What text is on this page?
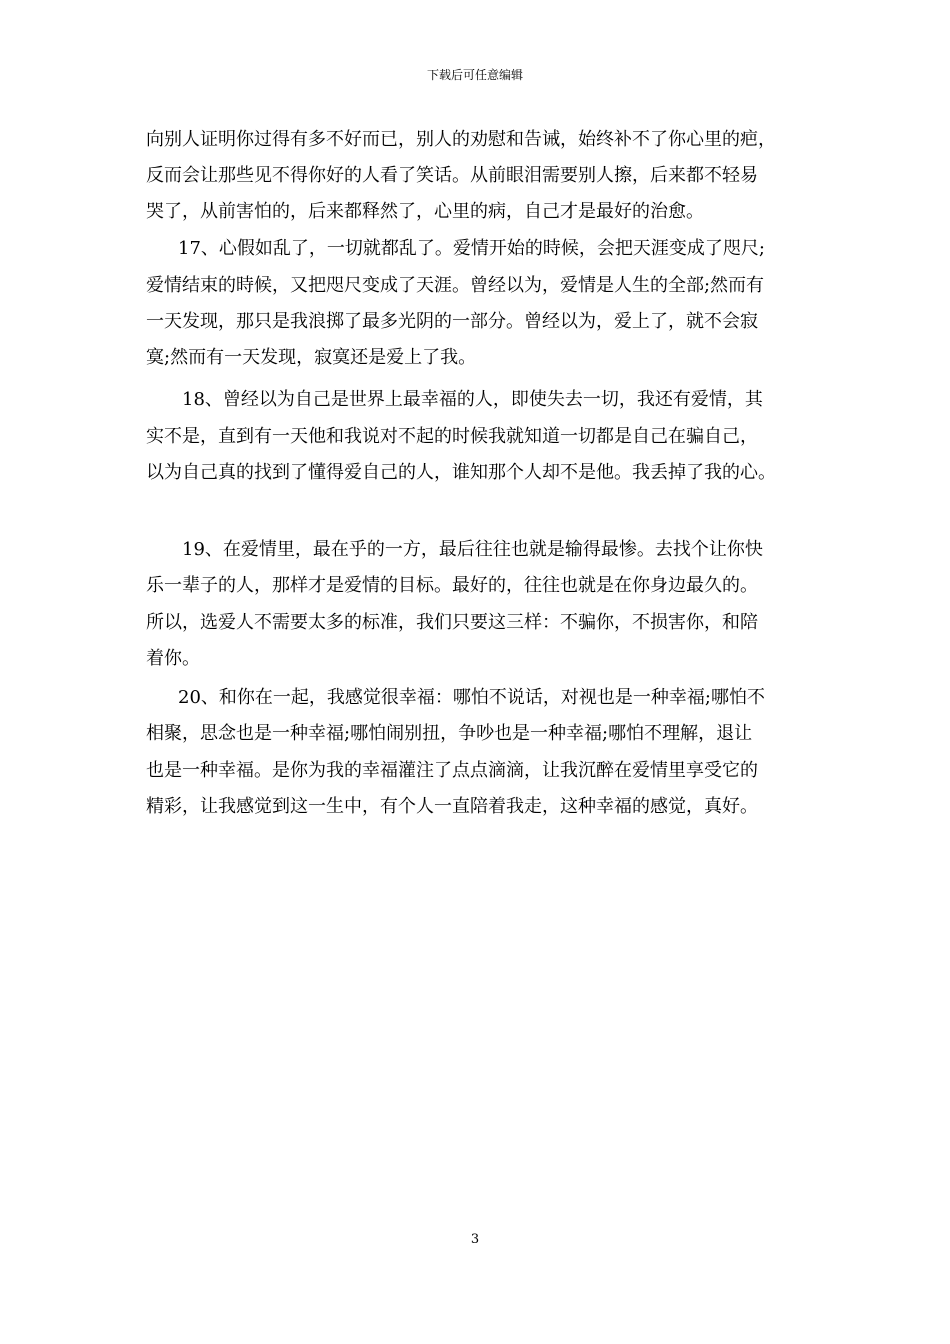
下载后可任意编辑
向别人证明你过得有多不好而已，别人的劝慰和告诫，始终补不了你心里的疤，
反而会让那些见不得你好的人看了笑话。从前眼泪需要别人擦，后来都不轻易
哭了，从前害怕的，后来都释然了，心里的病，自己才是最好的治愈。
17、心假如乱了，一切就都乱了。爱情开始的時候，会把天涯变成了咫尺;
爱情结束的時候，又把咫尺变成了天涯。曾经以为，爱情是人生的全部;然而有
一天发现，那只是我浪掷了最多光阴的一部分。曾经以为，爱上了，就不会寂
寞;然而有一天发现，寂寞还是爱上了我。
18、曾经以为自己是世界上最幸福的人，即使失去一切，我还有爱情，其
实不是，直到有一天他和我说对不起的时候我就知道一切都是自己在骗自己，
以为自己真的找到了懂得爱自己的人，谁知那个人却不是他。我丢掉了我的心。
19、在爱情里，最在乎的一方，最后往往也就是输得最惨。去找个让你快
乐一辈子的人，那样才是爱情的目标。最好的，往往也就是在你身边最久的。
所以，选爱人不需要太多的标准，我们只要这三样：不骗你，不损害你，和陪
着你。
20、和你在一起，我感觉很幸福：哪怕不说话，对视也是一种幸福;哪怕不
相聚，思念也是一种幸福;哪怕闹别扭，争吵也是一种幸福;哪怕不理解，退让
也是一种幸福。是你为我的幸福灌注了点点滴滴，让我沉醉在爱情里享受它的
精彩，让我感觉到这一生中，有个人一直陪着我走，这种幸福的感觉，真好。
3
